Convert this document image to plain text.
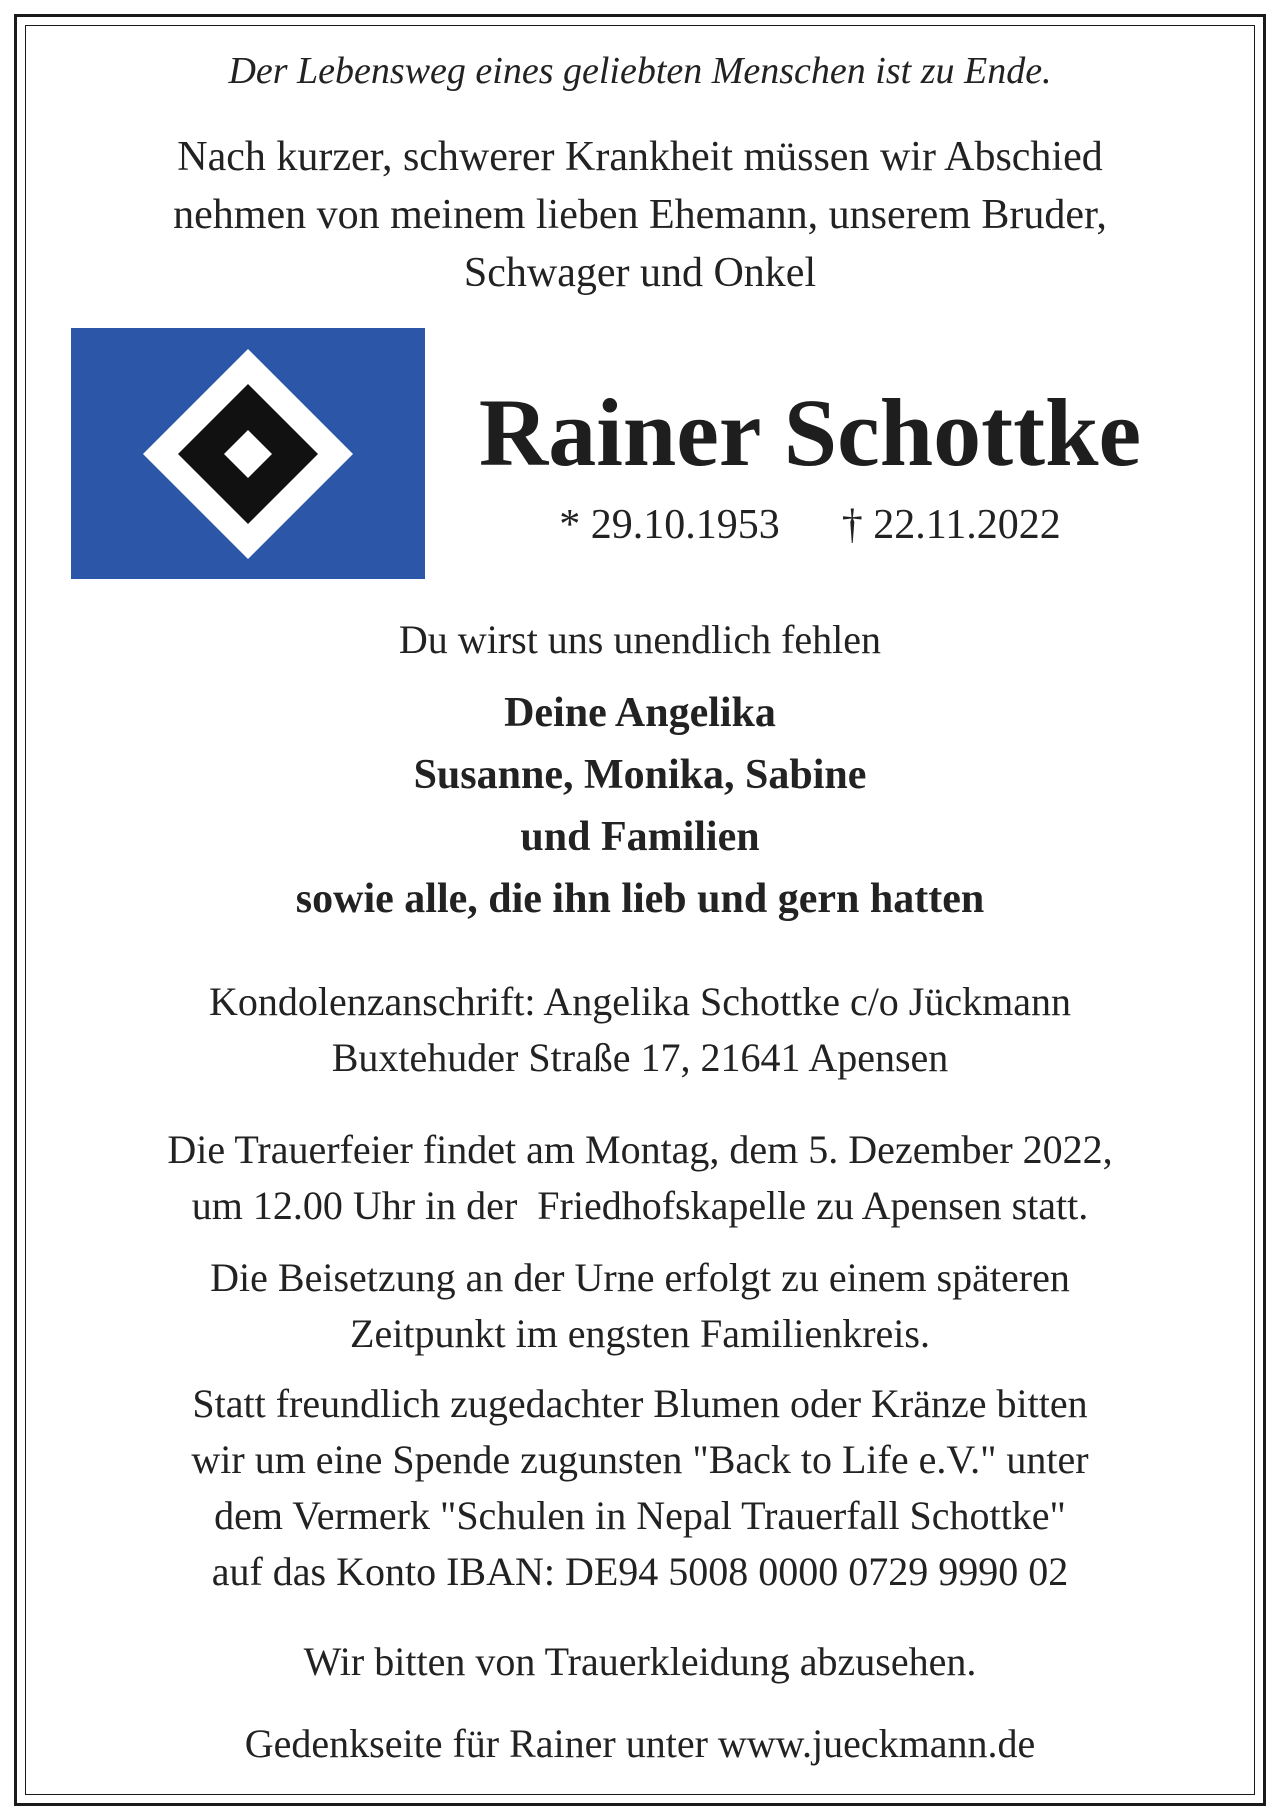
Der Lebensweg eines geliebten Menschen ist zu Ende.

Nach kurzer, schwerer Krankheit müssen wir Abschied
nehmen von meinem lieben Ehemann, unserem Bruder,
Schwager und Onkel

Rainer Schottke
* 29.10.1953 † 22.11.2022

Du wirst uns unendlich fehlen

Deine Angelika
Susanne, Monika, Sabine
und Familien
sowie alle, die ihn lieb und gern hatten

Kondolenzanschrift: Angelika Schottke c/o Jückmann
Buxtehuder Straße 17, 21641 Apensen

Die Trauerfeier findet am Montag, dem 5. Dezember 2022,
um 12.00 Uhr in der  Friedhofskapelle zu Apensen statt.

Die Beisetzung an der Urne erfolgt zu einem späteren
Zeitpunkt im engsten Familienkreis.

Statt freundlich zugedachter Blumen oder Kränze bitten
wir um eine Spende zugunsten "Back to Life e.V." unter
dem Vermerk "Schulen in Nepal Trauerfall Schottke"
auf das Konto IBAN: DE94 5008 0000 0729 9990 02

Wir bitten von Trauerkleidung abzusehen.

Gedenkseite für Rainer unter www.jueckmann.de
